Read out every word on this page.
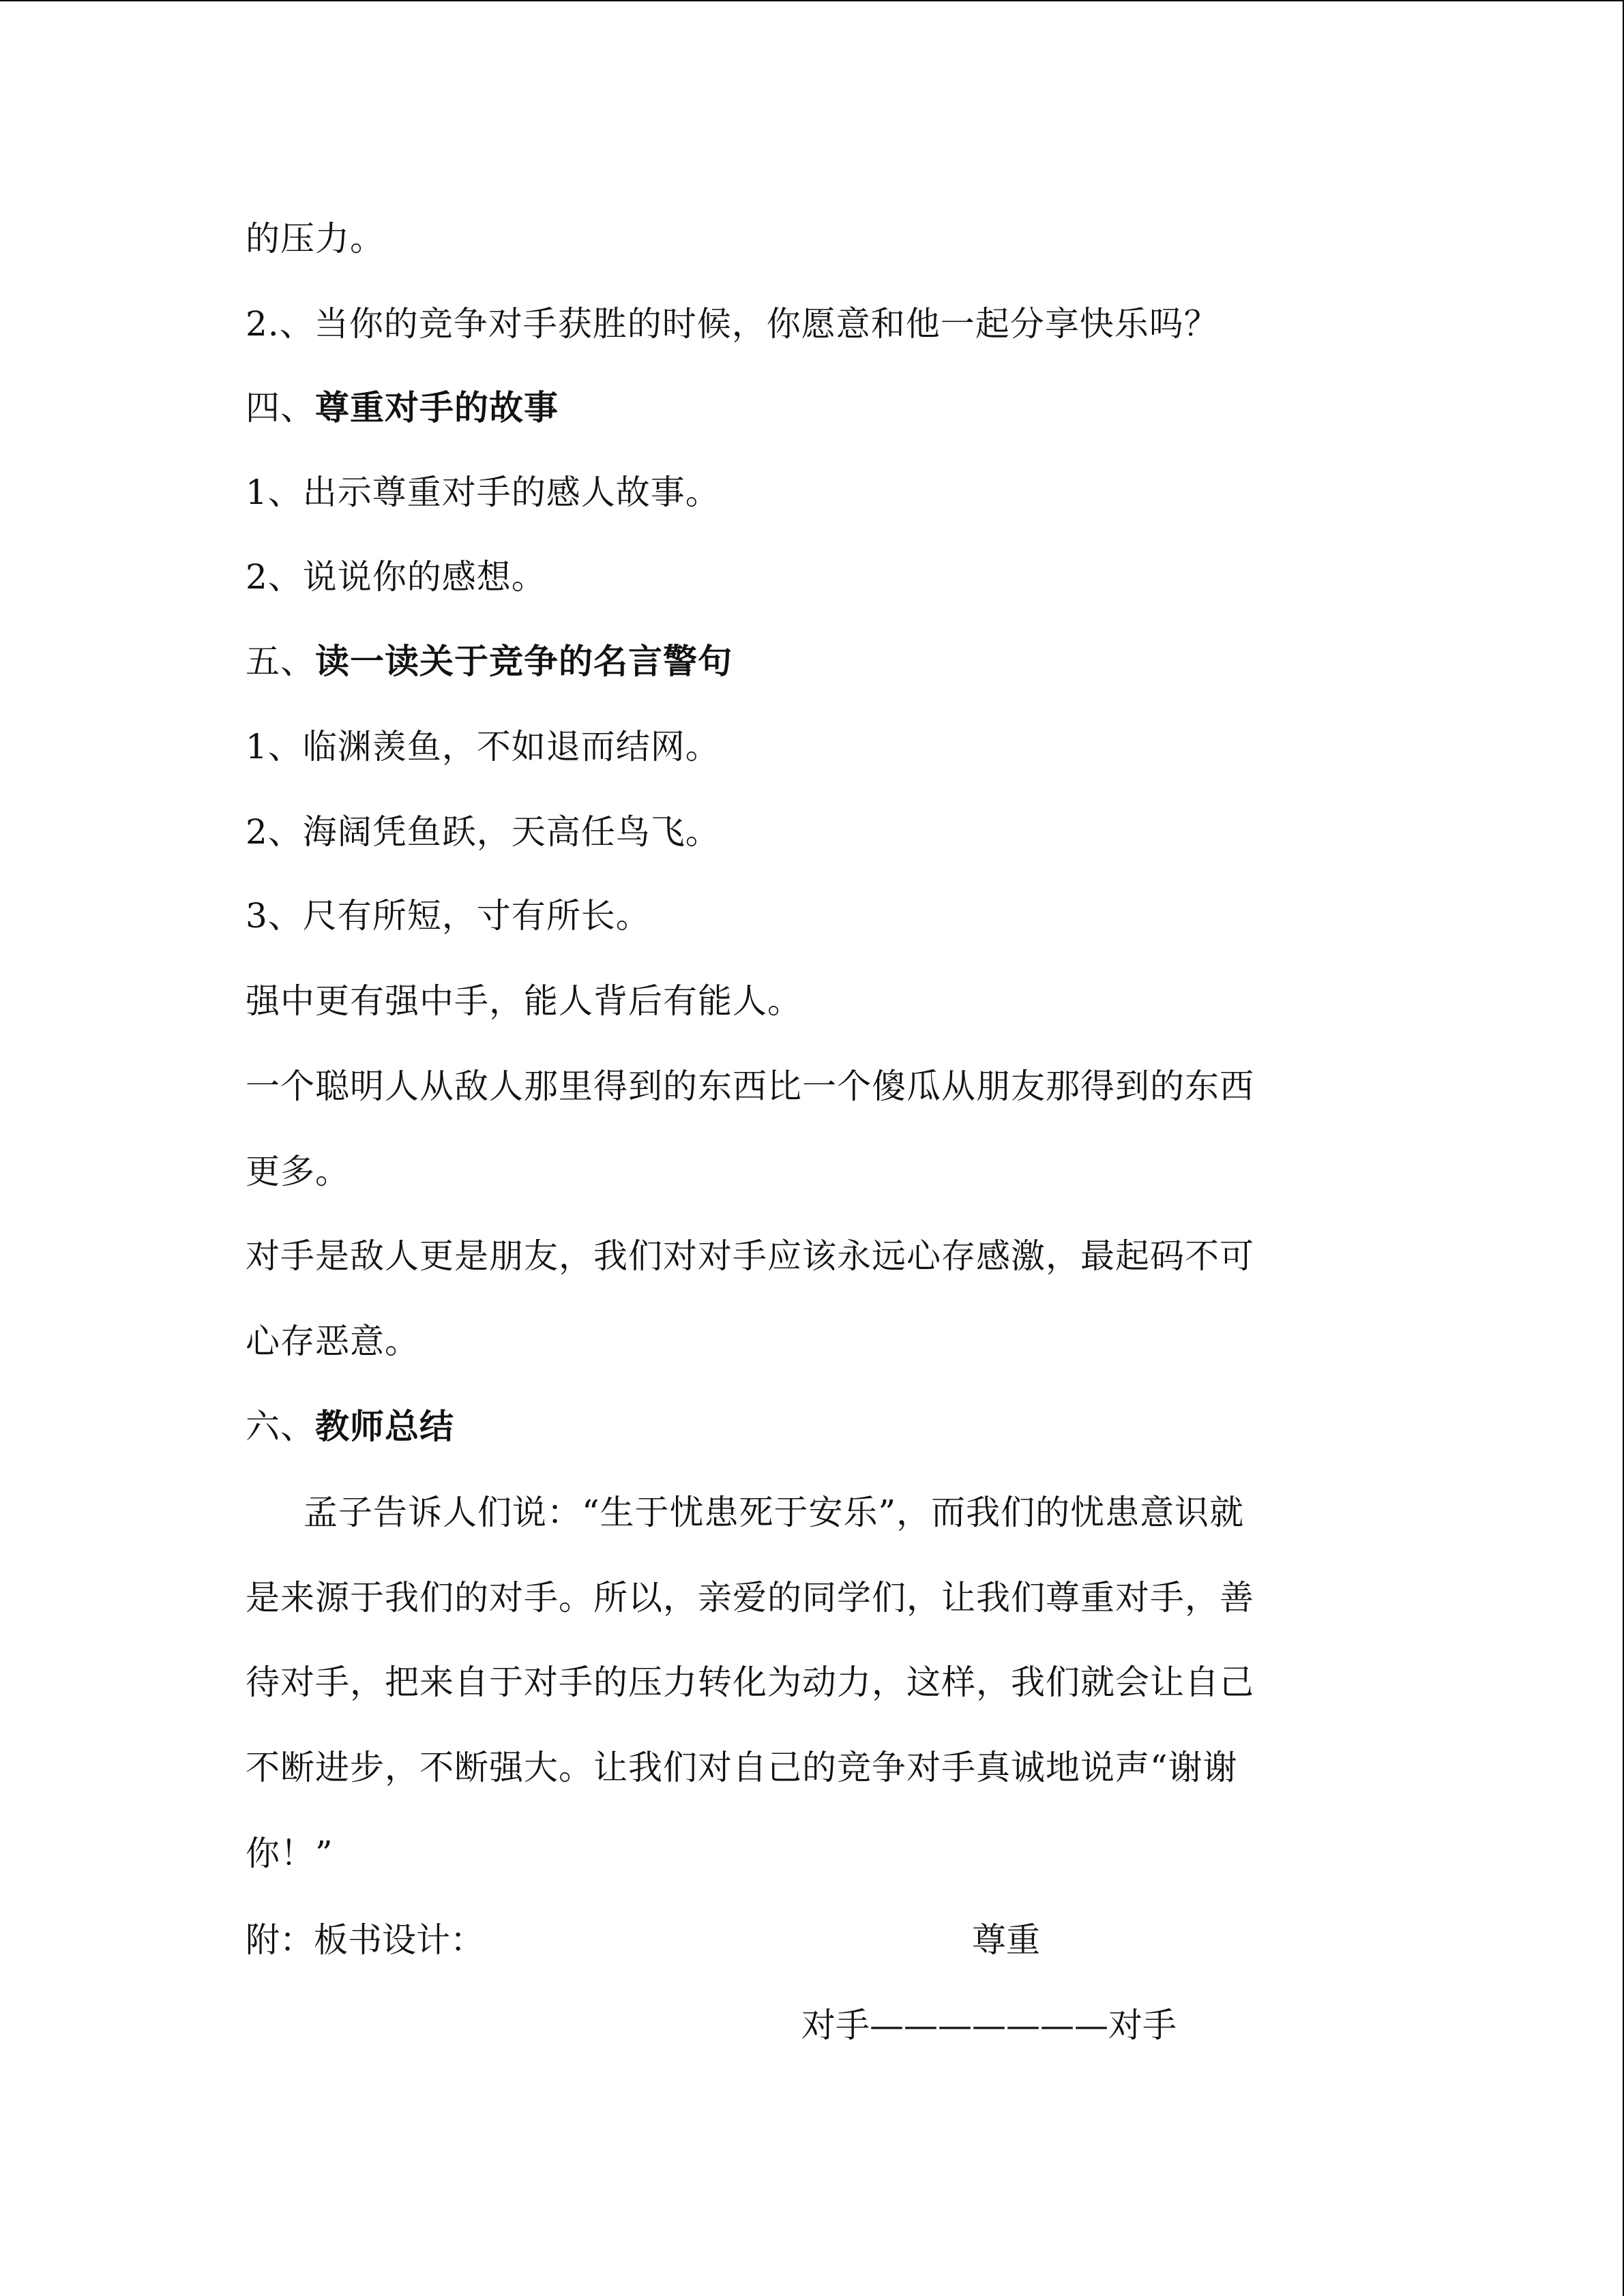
的压力。
2.、当你的竞争对手获胜的时候，你愿意和他一起分享快乐吗？
四、尊重对手的故事
1、出示尊重对手的感人故事。
2、说说你的感想。
五、读一读关于竞争的名言警句
1、临渊羡鱼，不如退而结网。
2、海阔凭鱼跃，天高任鸟飞。
3、尺有所短，寸有所长。
强中更有强中手，能人背后有能人。
一个聪明人从敌人那里得到的东西比一个傻瓜从朋友那得到的东西
更多。
对手是敌人更是朋友，我们对对手应该永远心存感激，最起码不可
心存恶意。
六、教师总结
孟子告诉人们说：“生于忧患死于安乐”，而我们的忧患意识就
是来源于我们的对手。所以，亲爱的同学们，让我们尊重对手，善
待对手，把来自于对手的压力转化为动力，这样，我们就会让自己
不断进步，不断强大。让我们对自己的竞争对手真诚地说声“谢谢
你！”
附：板书设计：	尊重
对手———————对手
